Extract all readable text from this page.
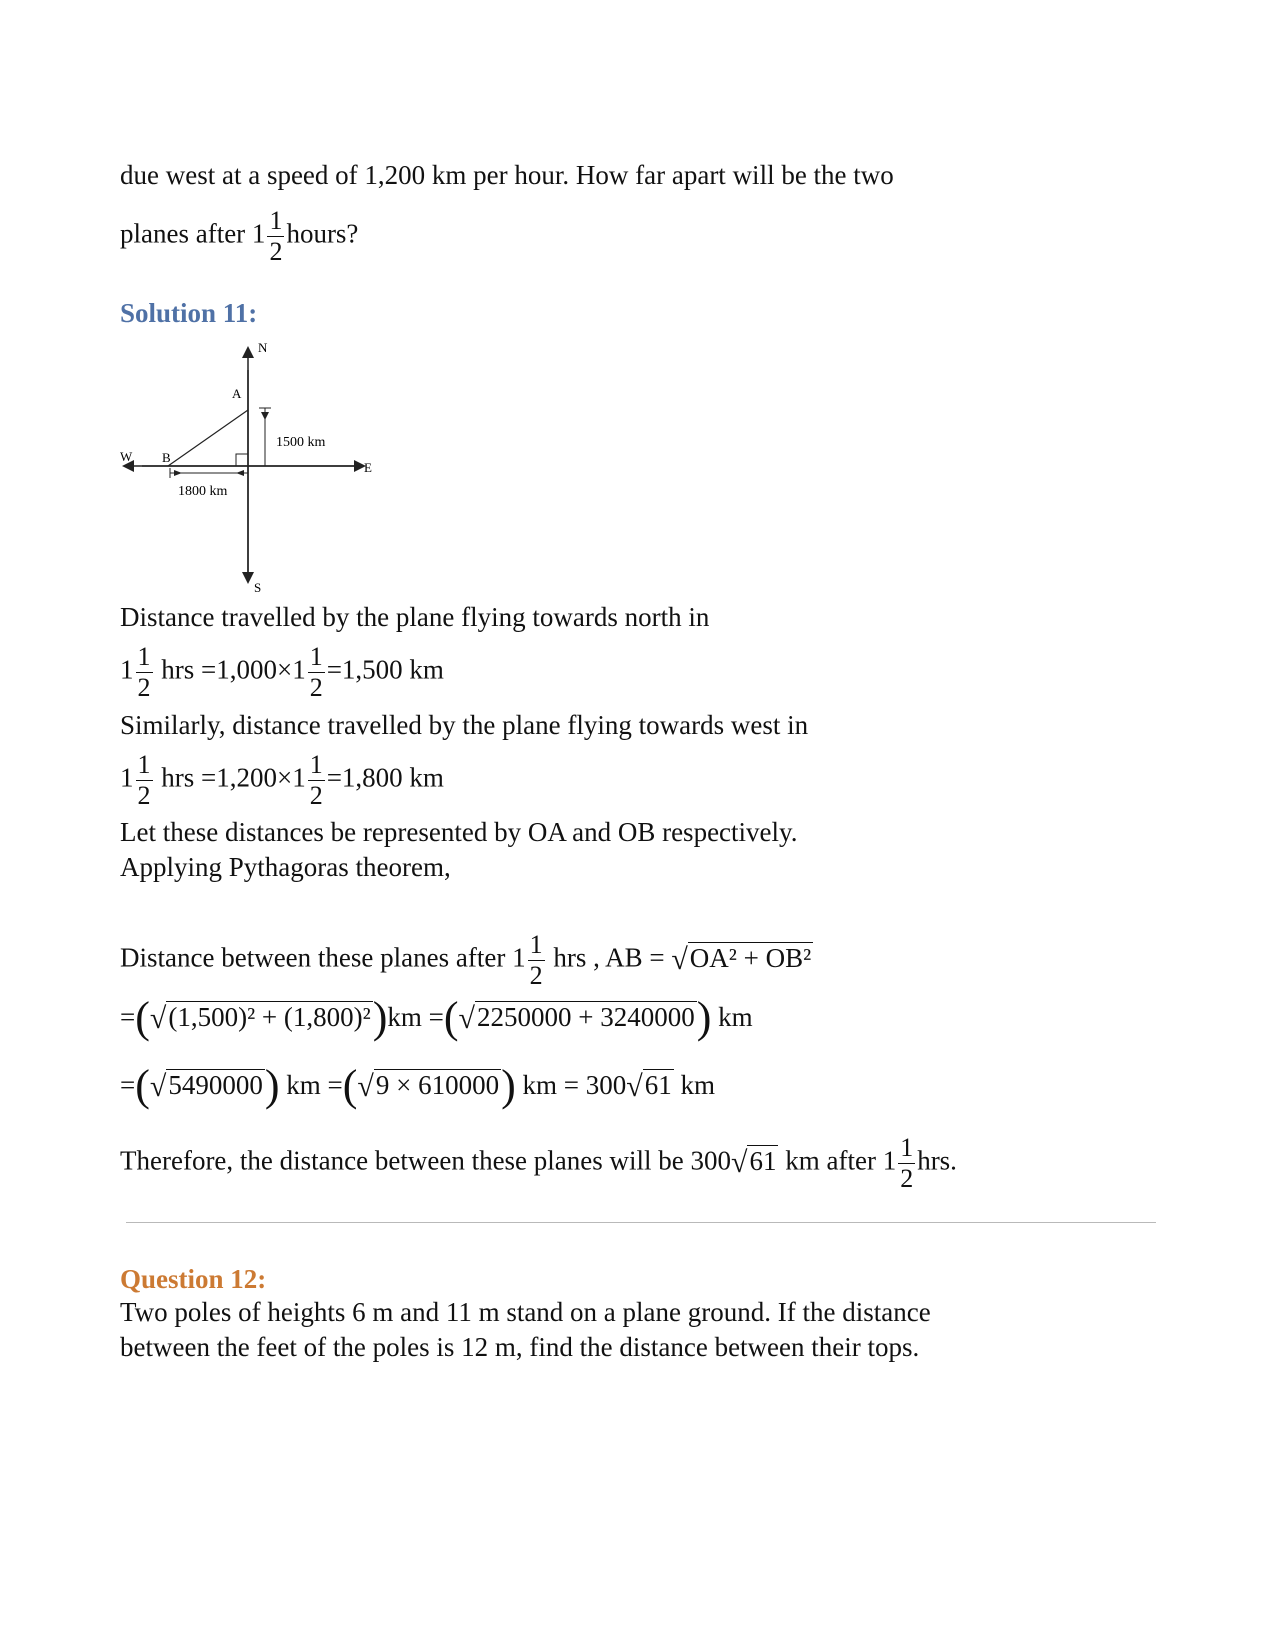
due west at a speed of 1,200 km per hour. How far apart will be the two
planes after $1 \frac{1}{2}$ hours?
Solution 11:
N
S
E
W
A
B
1500 km
1800 km
Distance travelled by the plane flying towards north in
$1 \frac{1}{2}$ hrs $=1,000\times 1 \frac{1}{2} =1,500$ km
Similarly, distance travelled by the plane flying towards west in
$1 \frac{1}{2}$ hrs $=1,200\times 1 \frac{1}{2} =1,800$ km
Let these distances be represented by OA and OB respectively.
Applying Pythagoras theorem,
Distance between these planes after $1 \frac{1}{2}$ hrs , AB = √OA² + OB²
=(√(1,500)² + (1,800)²)km =(√2250000 + 3240000) km
=(√5490000) km =(√9 × 610000) km = 300√61 km
Therefore, the distance between these planes will be 300√61 km after $1 \frac{1}{2}$ hrs.
Question 12:
Two poles of heights 6 m and 11 m stand on a plane ground. If the distance
between the feet of the poles is 12 m, find the distance between their tops.
